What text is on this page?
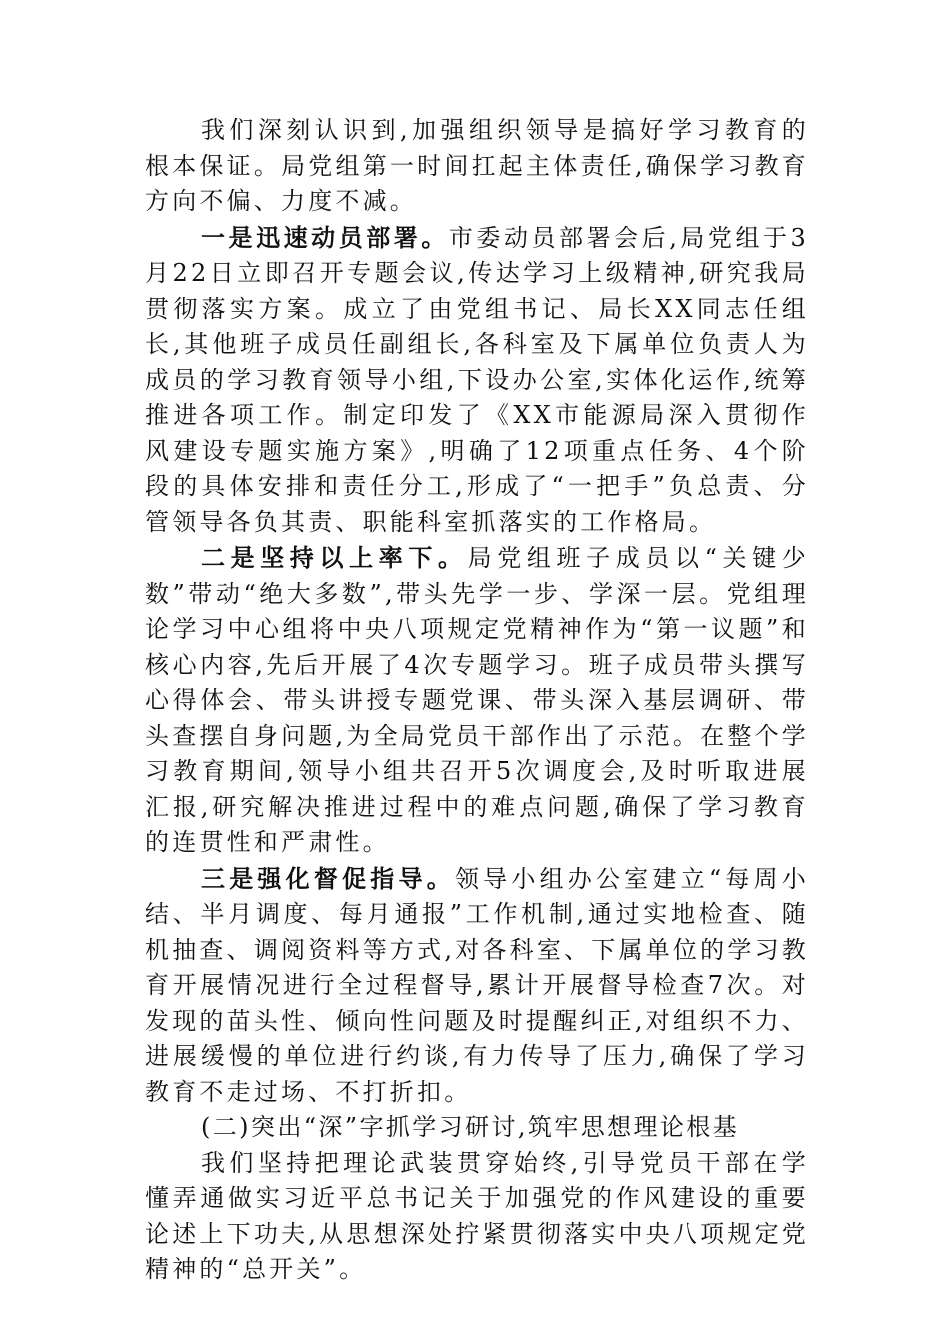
我们深刻认识到,加强组织领导是搞好学习教育的根本保证。局党组第一时间扛起主体责任,确保学习教育方向不偏、力度不减。

一是迅速动员部署。市委动员部署会后,局党组于3月22日立即召开专题会议,传达学习上级精神,研究我局贯彻落实方案。成立了由党组书记、局长XX同志任组长,其他班子成员任副组长,各科室及下属单位负责人为成员的学习教育领导小组,下设办公室,实体化运作,统筹推进各项工作。制定印发了《XX市能源局深入贯彻作风建设专题实施方案》,明确了12项重点任务、4个阶段的具体安排和责任分工,形成了“一把手”负总责、分管领导各负其责、职能科室抓落实的工作格局。

二是坚持以上率下。局党组班子成员以“关键少数”带动“绝大多数”,带头先学一步、学深一层。党组理论学习中心组将中央八项规定党精神作为“第一议题”和核心内容,先后开展了4次专题学习。班子成员带头撰写心得体会、带头讲授专题党课、带头深入基层调研、带头查摆自身问题,为全局党员干部作出了示范。在整个学习教育期间,领导小组共召开5次调度会,及时听取进展汇报,研究解决推进过程中的难点问题,确保了学习教育的连贯性和严肃性。

三是强化督促指导。领导小组办公室建立“每周小结、半月调度、每月通报”工作机制,通过实地检查、随机抽查、调阅资料等方式,对各科室、下属单位的学习教育开展情况进行全过程督导,累计开展督导检查7次。对发现的苗头性、倾向性问题及时提醒纠正,对组织不力、进展缓慢的单位进行约谈,有力传导了压力,确保了学习教育不走过场、不打折扣。

(二)突出“深”字抓学习研讨,筑牢思想理论根基

我们坚持把理论武装贯穿始终,引导党员干部在学懂弄通做实习近平总书记关于加强党的作风建设的重要论述上下功夫,从思想深处拧紧贯彻落实中央八项规定党精神的“总开关”。
